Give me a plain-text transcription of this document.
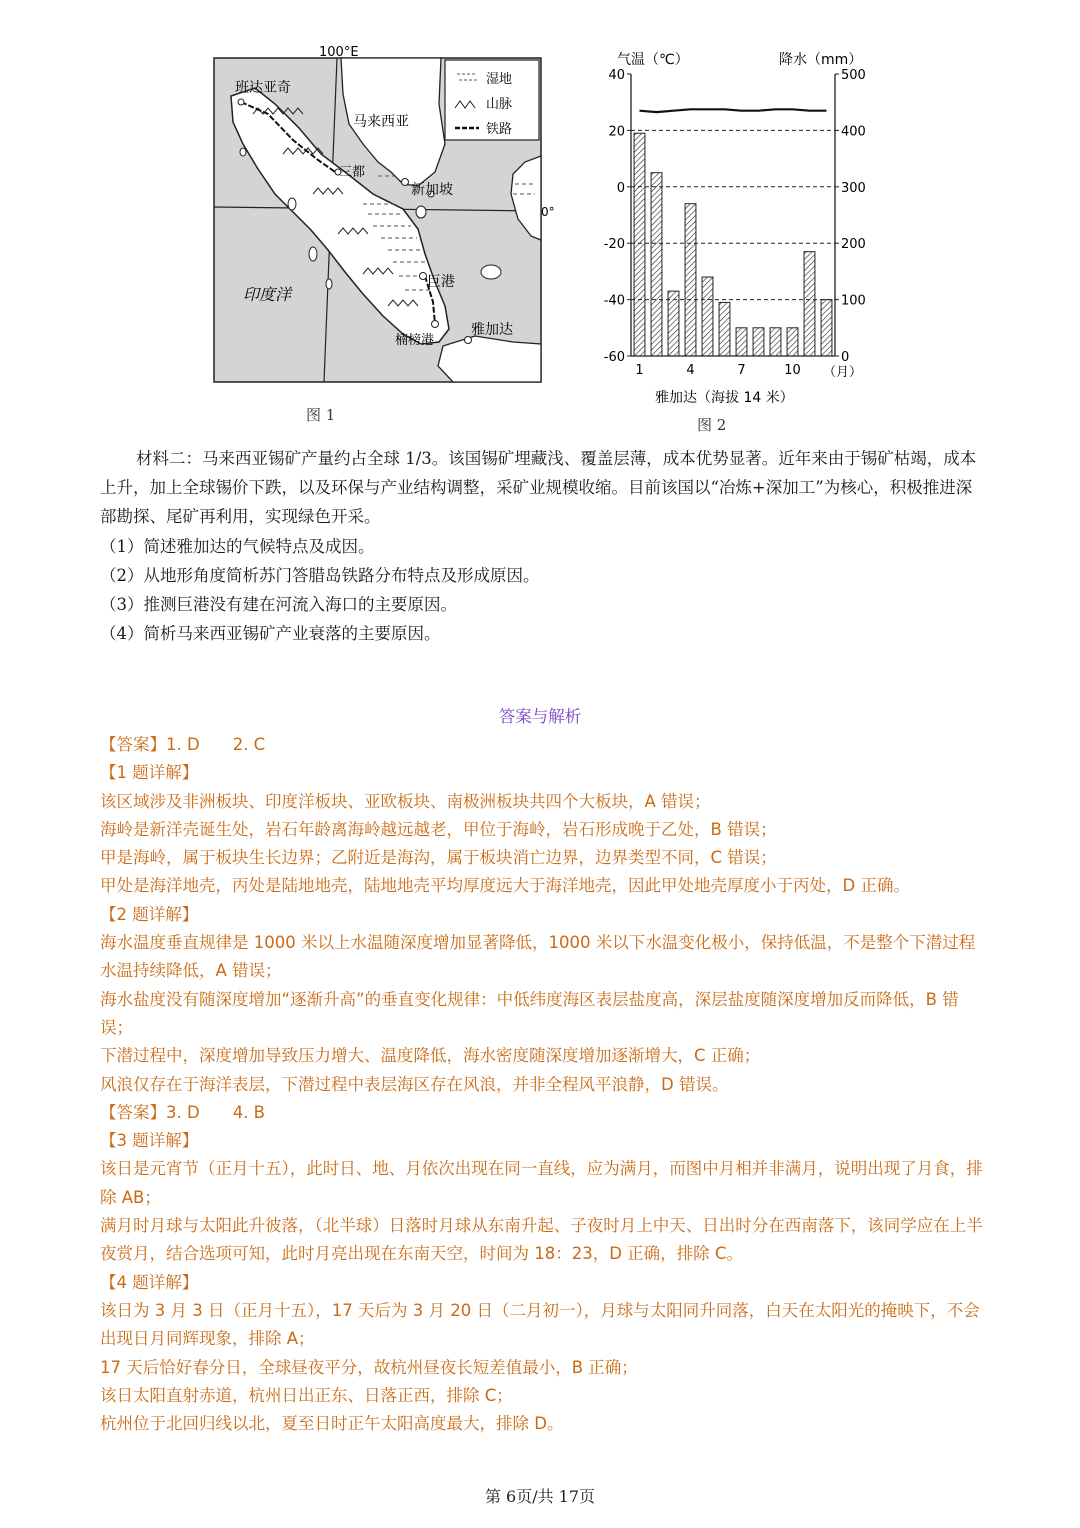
湿地
山脉
铁路
100°E
0°
班达亚奇
马来西亚
三都
新加坡
印度洋
巨港
雅加达
楠榜港
图 1
气温（℃）	降水（mm）
40
20
0
-20
-40
-60
500
400
300
200
100
0
1	4	7	10 （月）
雅加达（海拔 14 米）
图 2

材料二：马来西亚锡矿产量约占全球 1/3。该国锡矿埋藏浅、覆盖层薄，成本优势显著。近年来由于锡矿枯竭，成本上升，加上全球锡价下跌，以及环保与产业结构调整，采矿业规模收缩。目前该国以“冶炼+深加工”为核心，积极推进深部勘探、尾矿再利用，实现绿色开采。

（1）简述雅加达的气候特点及成因。
（2）从地形角度简析苏门答腊岛铁路分布特点及形成原因。
（3）推测巨港没有建在河流入海口的主要原因。
（4）简析马来西亚锡矿产业衰落的主要原因。
答案与解析
【答案】1. D　　2. C
【1 题详解】
该区域涉及非洲板块、印度洋板块、亚欧板块、南极洲板块共四个大板块，A 错误；
海岭是新洋壳诞生处，岩石年龄离海岭越远越老，甲位于海岭，岩石形成晚于乙处，B 错误；
甲是海岭，属于板块生长边界；乙附近是海沟，属于板块消亡边界，边界类型不同，C 错误；
甲处是海洋地壳，丙处是陆地地壳，陆地地壳平均厚度远大于海洋地壳，因此甲处地壳厚度小于丙处，D 正确。
【2 题详解】
海水温度垂直规律是 1000 米以上水温随深度增加显著降低，1000 米以下水温变化极小，保持低温，不是整个下潜过程水温持续降低，A 错误；
海水盐度没有随深度增加“逐渐升高”的垂直变化规律：中低纬度海区表层盐度高，深层盐度随深度增加反而降低，B 错误；
下潜过程中，深度增加导致压力增大、温度降低，海水密度随深度增加逐渐增大，C 正确；
风浪仅存在于海洋表层，下潜过程中表层海区存在风浪，并非全程风平浪静，D 错误。
【答案】3. D　　4. B
【3 题详解】
该日是元宵节（正月十五），此时日、地、月依次出现在同一直线，应为满月，而图中月相并非满月，说明出现了月食，排除 AB；
满月时月球与太阳此升彼落，（北半球）日落时月球从东南升起、子夜时月上中天、日出时分在西南落下，该同学应在上半夜赏月，结合选项可知，此时月亮出现在东南天空，时间为 18：23，D 正确，排除 C。
【4 题详解】
该日为 3 月 3 日（正月十五），17 天后为 3 月 20 日（二月初一），月球与太阳同升同落，白天在太阳光的掩映下，不会出现日月同辉现象，排除 A；
17 天后恰好春分日，全球昼夜平分，故杭州昼夜长短差值最小，B 正确；
该日太阳直射赤道，杭州日出正东、日落正西，排除 C；
杭州位于北回归线以北，夏至日时正午太阳高度最大，排除 D。
第 6页/共 17页
